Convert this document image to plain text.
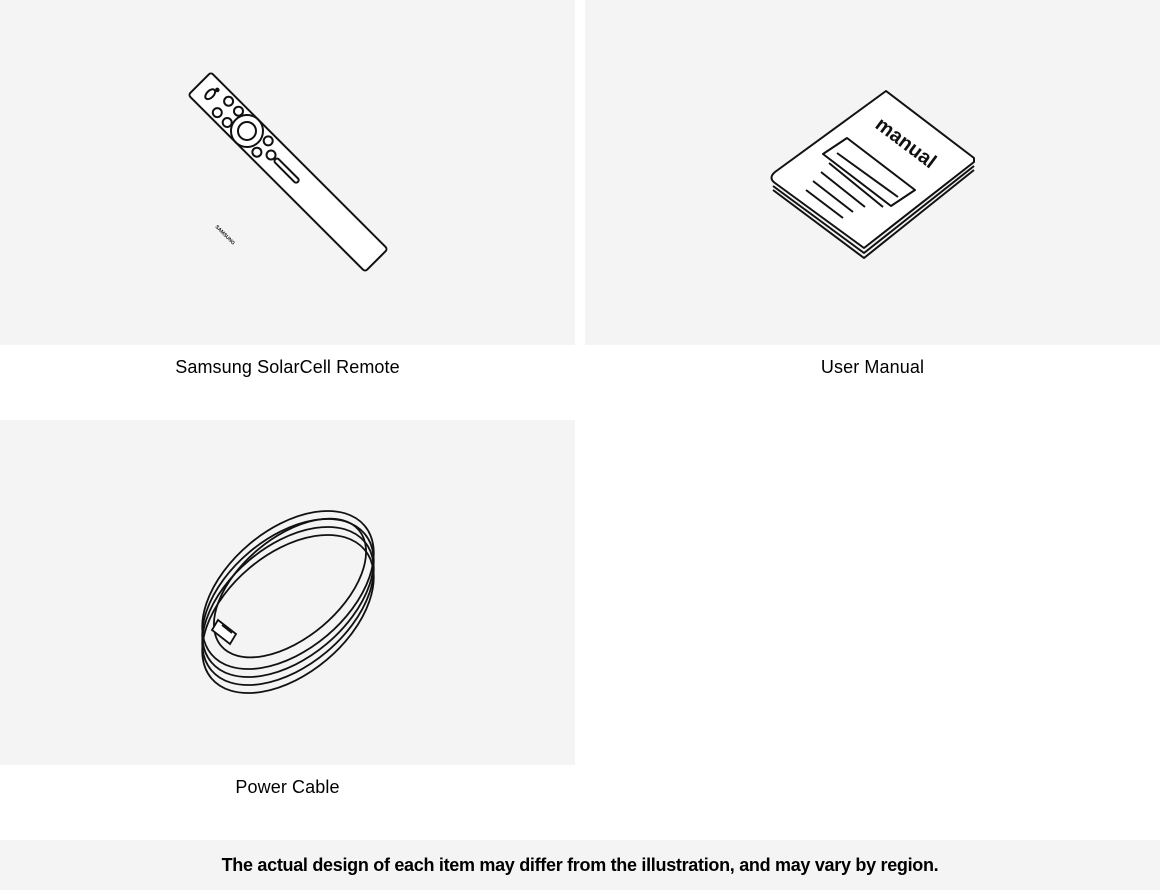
SAMSUNG
Samsung SolarCell Remote
manual
User Manual
Power Cable
The actual design of each item may differ from the illustration, and may vary by region.
